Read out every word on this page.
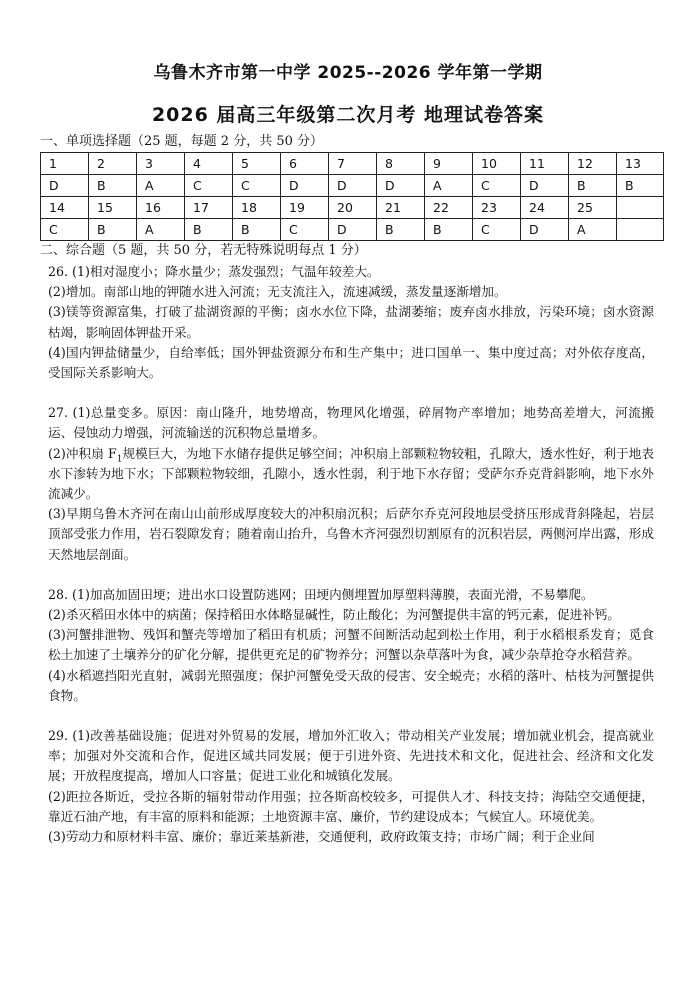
乌鲁木齐市第一中学 2025--2026 学年第一学期
2026 届高三年级第二次月考 地理试卷答案
一、单项选择题（25 题，每题 2 分，共 50 分）
1	2	3	4	5	6	7	8	9	10	11	12	13
D	B	A	C	C	D	D	D	A	C	D	B	B
14	15	16	17	18	19	20	21	22	23	24	25	
C	B	A	B	B	C	D	B	B	C	D	A	
二、综合题（5 题，共 50 分，若无特殊说明每点 1 分）

26. (1)相对湿度小；降水量少；蒸发强烈；气温年较差大。

(2)增加。南部山地的钾随水进入河流；无支流注入，流速减缓，蒸发量逐渐增加。

(3)镁等资源富集，打破了盐湖资源的平衡；卤水水位下降，盐湖萎缩；废弃卤水排放，污染环境；卤水资源枯竭，影响固体钾盐开采。

(4)国内钾盐储量少，自给率低；国外钾盐资源分布和生产集中；进口国单一、集中度过高；对外依存度高，受国际关系影响大。

27. (1)总量变多。原因：南山隆升，地势增高，物理风化增强，碎屑物产率增加；地势高差增大，河流搬运、侵蚀动力增强，河流输送的沉积物总量增多。

(2)冲积扇 $F_1$规模巨大，为地下水储存提供足够空间；冲积扇上部颗粒物较粗，孔隙大，透水性好，利于地表水下渗转为地下水；下部颗粒物较细，孔隙小，透水性弱，利于地下水存留；受萨尔乔克背斜影响，地下水外流减少。

(3)早期乌鲁木齐河在南山山前形成厚度较大的冲积扇沉积；后萨尔乔克河段地层受挤压形成背斜隆起，岩层顶部受张力作用，岩石裂隙发育；随着南山抬升，乌鲁木齐河强烈切割原有的沉积岩层，两侧河岸出露，形成天然地层剖面。

28. (1)加高加固田埂；进出水口设置防逃网；田埂内侧埋置加厚塑料薄膜，表面光滑，不易攀爬。

(2)杀灭稻田水体中的病菌；保持稻田水体略显碱性，防止酸化；为河蟹提供丰富的钙元素，促进补钙。

(3)河蟹排泄物、残饵和蟹壳等增加了稻田有机质；河蟹不间断活动起到松土作用，利于水稻根系发育；觅食松土加速了土壤养分的矿化分解，提供更充足的矿物养分；河蟹以杂草落叶为食，减少杂草抢夺水稻营养。

(4)水稻遮挡阳光直射，减弱光照强度；保护河蟹免受天敌的侵害、安全蜕壳；水稻的落叶、枯枝为河蟹提供食物。

29. (1)改善基础设施；促进对外贸易的发展，增加外汇收入；带动相关产业发展；增加就业机会，提高就业率；加强对外交流和合作，促进区域共同发展；便于引进外资、先进技术和文化，促进社会、经济和文化发展；开放程度提高，增加人口容量；促进工业化和城镇化发展。

(2)距拉各斯近，受拉各斯的辐射带动作用强；拉各斯高校较多，可提供人才、科技支持；海陆空交通便捷，靠近石油产地，有丰富的原料和能源；土地资源丰富、廉价，节约建设成本；气候宜人。环境优美。

(3)劳动力和原材料丰富、廉价；靠近莱基新港，交通便利，政府政策支持；市场广阔；利于企业间
